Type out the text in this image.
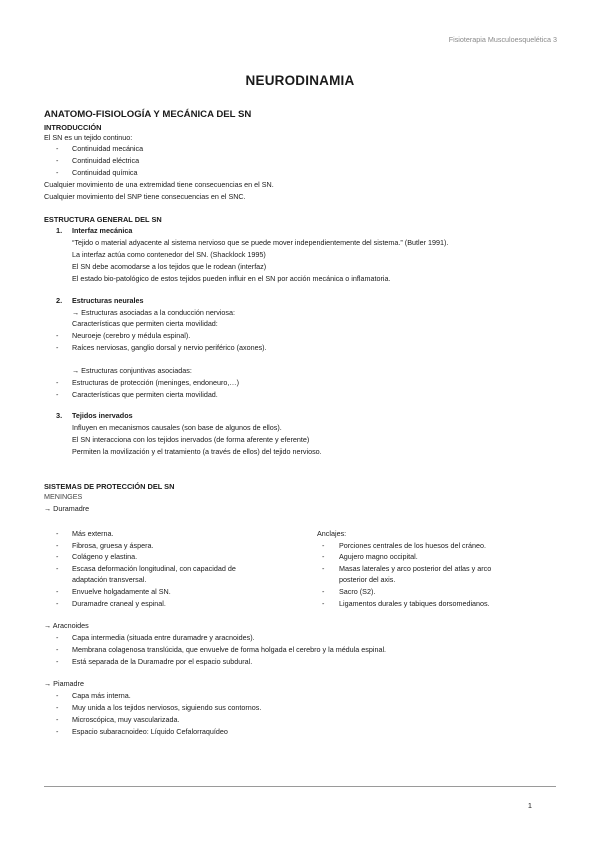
Fisioterapia Musculoesquelética 3
NEURODINAMIA
ANATOMO-FISIOLOGÍA Y MECÁNICA DEL SN
INTRODUCCIÓN
El SN es un tejido continuo:
- Continuidad mecánica
- Continuidad eléctrica
- Continuidad química
Cualquier movimiento de una extremidad tiene consecuencias en el SN.
Cualquier movimiento del SNP tiene consecuencias en el SNC.
ESTRUCTURA GENERAL DEL SN
1. Interfaz mecánica
“Tejido o material adyacente al sistema nervioso que se puede mover independientemente del sistema.” (Butler 1991).
La interfaz actúa como contenedor del SN. (Shacklock 1995)
El SN debe acomodarse a los tejidos que le rodean (interfaz)
El estado bio-patológico de estos tejidos pueden influir en el SN por acción mecánica o inflamatoria.
2. Estructuras neurales
→ Estructuras asociadas a la conducción nerviosa:
Características que permiten cierta movilidad:
- Neuroeje (cerebro y médula espinal).
- Raíces nerviosas, ganglio dorsal y nervio periférico (axones).
→ Estructuras conjuntivas asociadas:
- Estructuras de protección (meninges, endoneuro,…)
- Características que permiten cierta movilidad.
3. Tejidos inervados
Influyen en mecanismos causales (son base de algunos de ellos).
El SN interacciona con los tejidos inervados (de forma aferente y eferente)
Permiten la movilización y el tratamiento (a través de ellos) del tejido nervioso.
SISTEMAS DE PROTECCIÓN DEL SN
MENINGES
→ Duramadre
- Más externa.
- Fibrosa, gruesa y áspera.
- Colágeno y elastina.
- Escasa deformación longitudinal, con capacidad de
adaptación transversal.
- Envuelve holgadamente al SN.
- Duramadre craneal y espinal.
Anclajes:
- Porciones centrales de los huesos del cráneo.
- Agujero magno occipital.
- Masas laterales y arco posterior del atlas y arco
posterior del axis.
- Sacro (S2).
- Ligamentos durales y tabiques dorsomedianos.
→ Aracnoides
- Capa intermedia (situada entre duramadre y aracnoides).
- Membrana colagenosa translúcida, que envuelve de forma holgada el cerebro y la médula espinal.
- Está separada de la Duramadre por el espacio subdural.
→ Piamadre
- Capa más interna.
- Muy unida a los tejidos nerviosos, siguiendo sus contornos.
- Microscópica, muy vascularizada.
- Espacio subaracnoideo: Líquido Cefalorraquídeo
1
